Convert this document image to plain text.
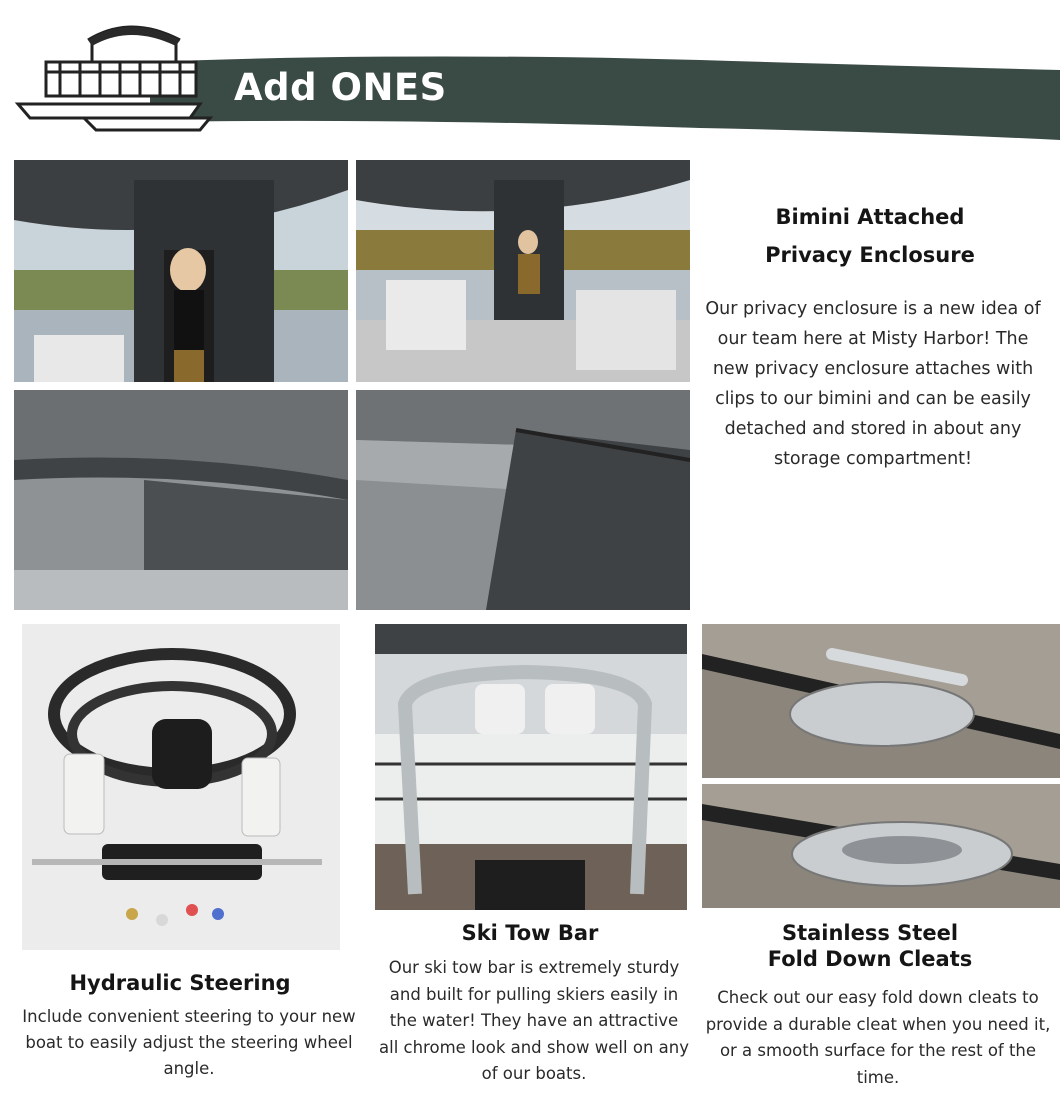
Add ONES
Bimini Attached
Privacy Enclosure
Our privacy enclosure is a new idea of our team here at Misty Harbor! The new privacy enclosure attaches with clips to our bimini and can be easily detached and stored in about any storage compartment!
Hydraulic Steering
Include convenient steering to your new boat to easily adjust the steering wheel angle.
Ski Tow Bar
Our ski tow bar is extremely sturdy and built for pulling skiers easily in the water! They have an attractive all chrome look and show well on any of our boats.
Stainless Steel
Fold Down Cleats
Check out our easy fold down cleats to provide a durable cleat when you need it, or a smooth surface for the rest of the time.
